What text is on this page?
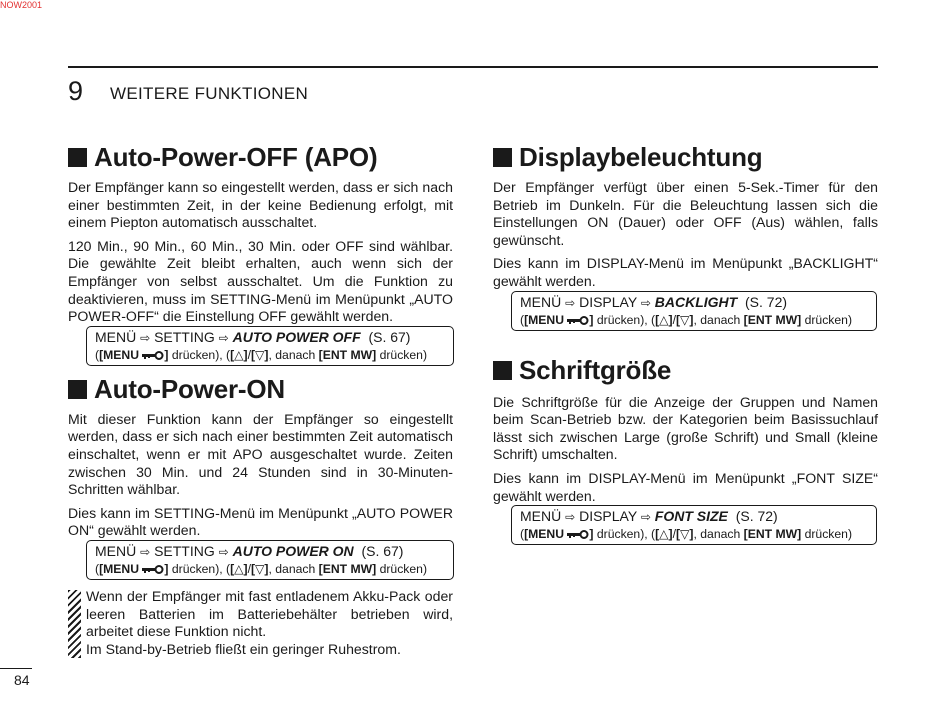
NOW2001
9 WEITERE FUNKTIONEN
Auto-Power-OFF (APO)

Der Empfänger kann so eingestellt werden, dass er sich nach einer bestimmten Zeit, in der keine Bedienung erfolgt, mit einem Piepton automatisch ausschaltet.

120 Min., 90 Min., 60 Min., 30 Min. oder OFF sind wählbar. Die gewählte Zeit bleibt erhalten, auch wenn sich der Empfänger von selbst ausschaltet. Um die Funktion zu deaktivieren, muss im SETTING-Menü im Menüpunkt „AUTO POWER-OFF“ die Einstellung OFF gewählt werden.

MENÜ ⇨ SETTING ⇨ AUTO POWER OFF (S. 67)
([MENU ] drücken), ([△]/[▽], danach [ENT MW] drücken)
Auto-Power-ON

Mit dieser Funktion kann der Empfänger so eingestellt werden, dass er sich nach einer bestimmten Zeit automatisch einschaltet, wenn er mit APO ausgeschaltet wurde. Zeiten zwischen 30 Min. und 24 Stunden sind in 30-Minuten-Schritten wählbar.

Dies kann im SETTING-Menü im Menüpunkt „AUTO POWER ON“ gewählt werden.

MENÜ ⇨ SETTING ⇨ AUTO POWER ON (S. 67)
([MENU ] drücken), ([△]/[▽], danach [ENT MW] drücken)

Wenn der Empfänger mit fast entladenem Akku-Pack oder leeren Batterien im Batteriebehälter betrieben wird, arbeitet diese Funktion nicht.

Im Stand-by-Betrieb fließt ein geringer Ruhestrom.

Displaybeleuchtung

Der Empfänger verfügt über einen 5-Sek.-Timer für den Betrieb im Dunkeln. Für die Beleuchtung lassen sich die Einstellungen ON (Dauer) oder OFF (Aus) wählen, falls gewünscht.

Dies kann im DISPLAY-Menü im Menüpunkt „BACKLIGHT“ gewählt werden.

MENÜ ⇨ DISPLAY ⇨ BACKLIGHT (S. 72)
([MENU ] drücken), ([△]/[▽], danach [ENT MW] drücken)
Schriftgröße

Die Schriftgröße für die Anzeige der Gruppen und Namen beim Scan-Betrieb bzw. der Kategorien beim Basissuchlauf lässt sich zwischen Large (große Schrift) und Small (kleine Schrift) umschalten.

Dies kann im DISPLAY-Menü im Menüpunkt „FONT SIZE“ gewählt werden.

MENÜ ⇨ DISPLAY ⇨ FONT SIZE (S. 72)
([MENU ] drücken), ([△]/[▽], danach [ENT MW] drücken)
84
